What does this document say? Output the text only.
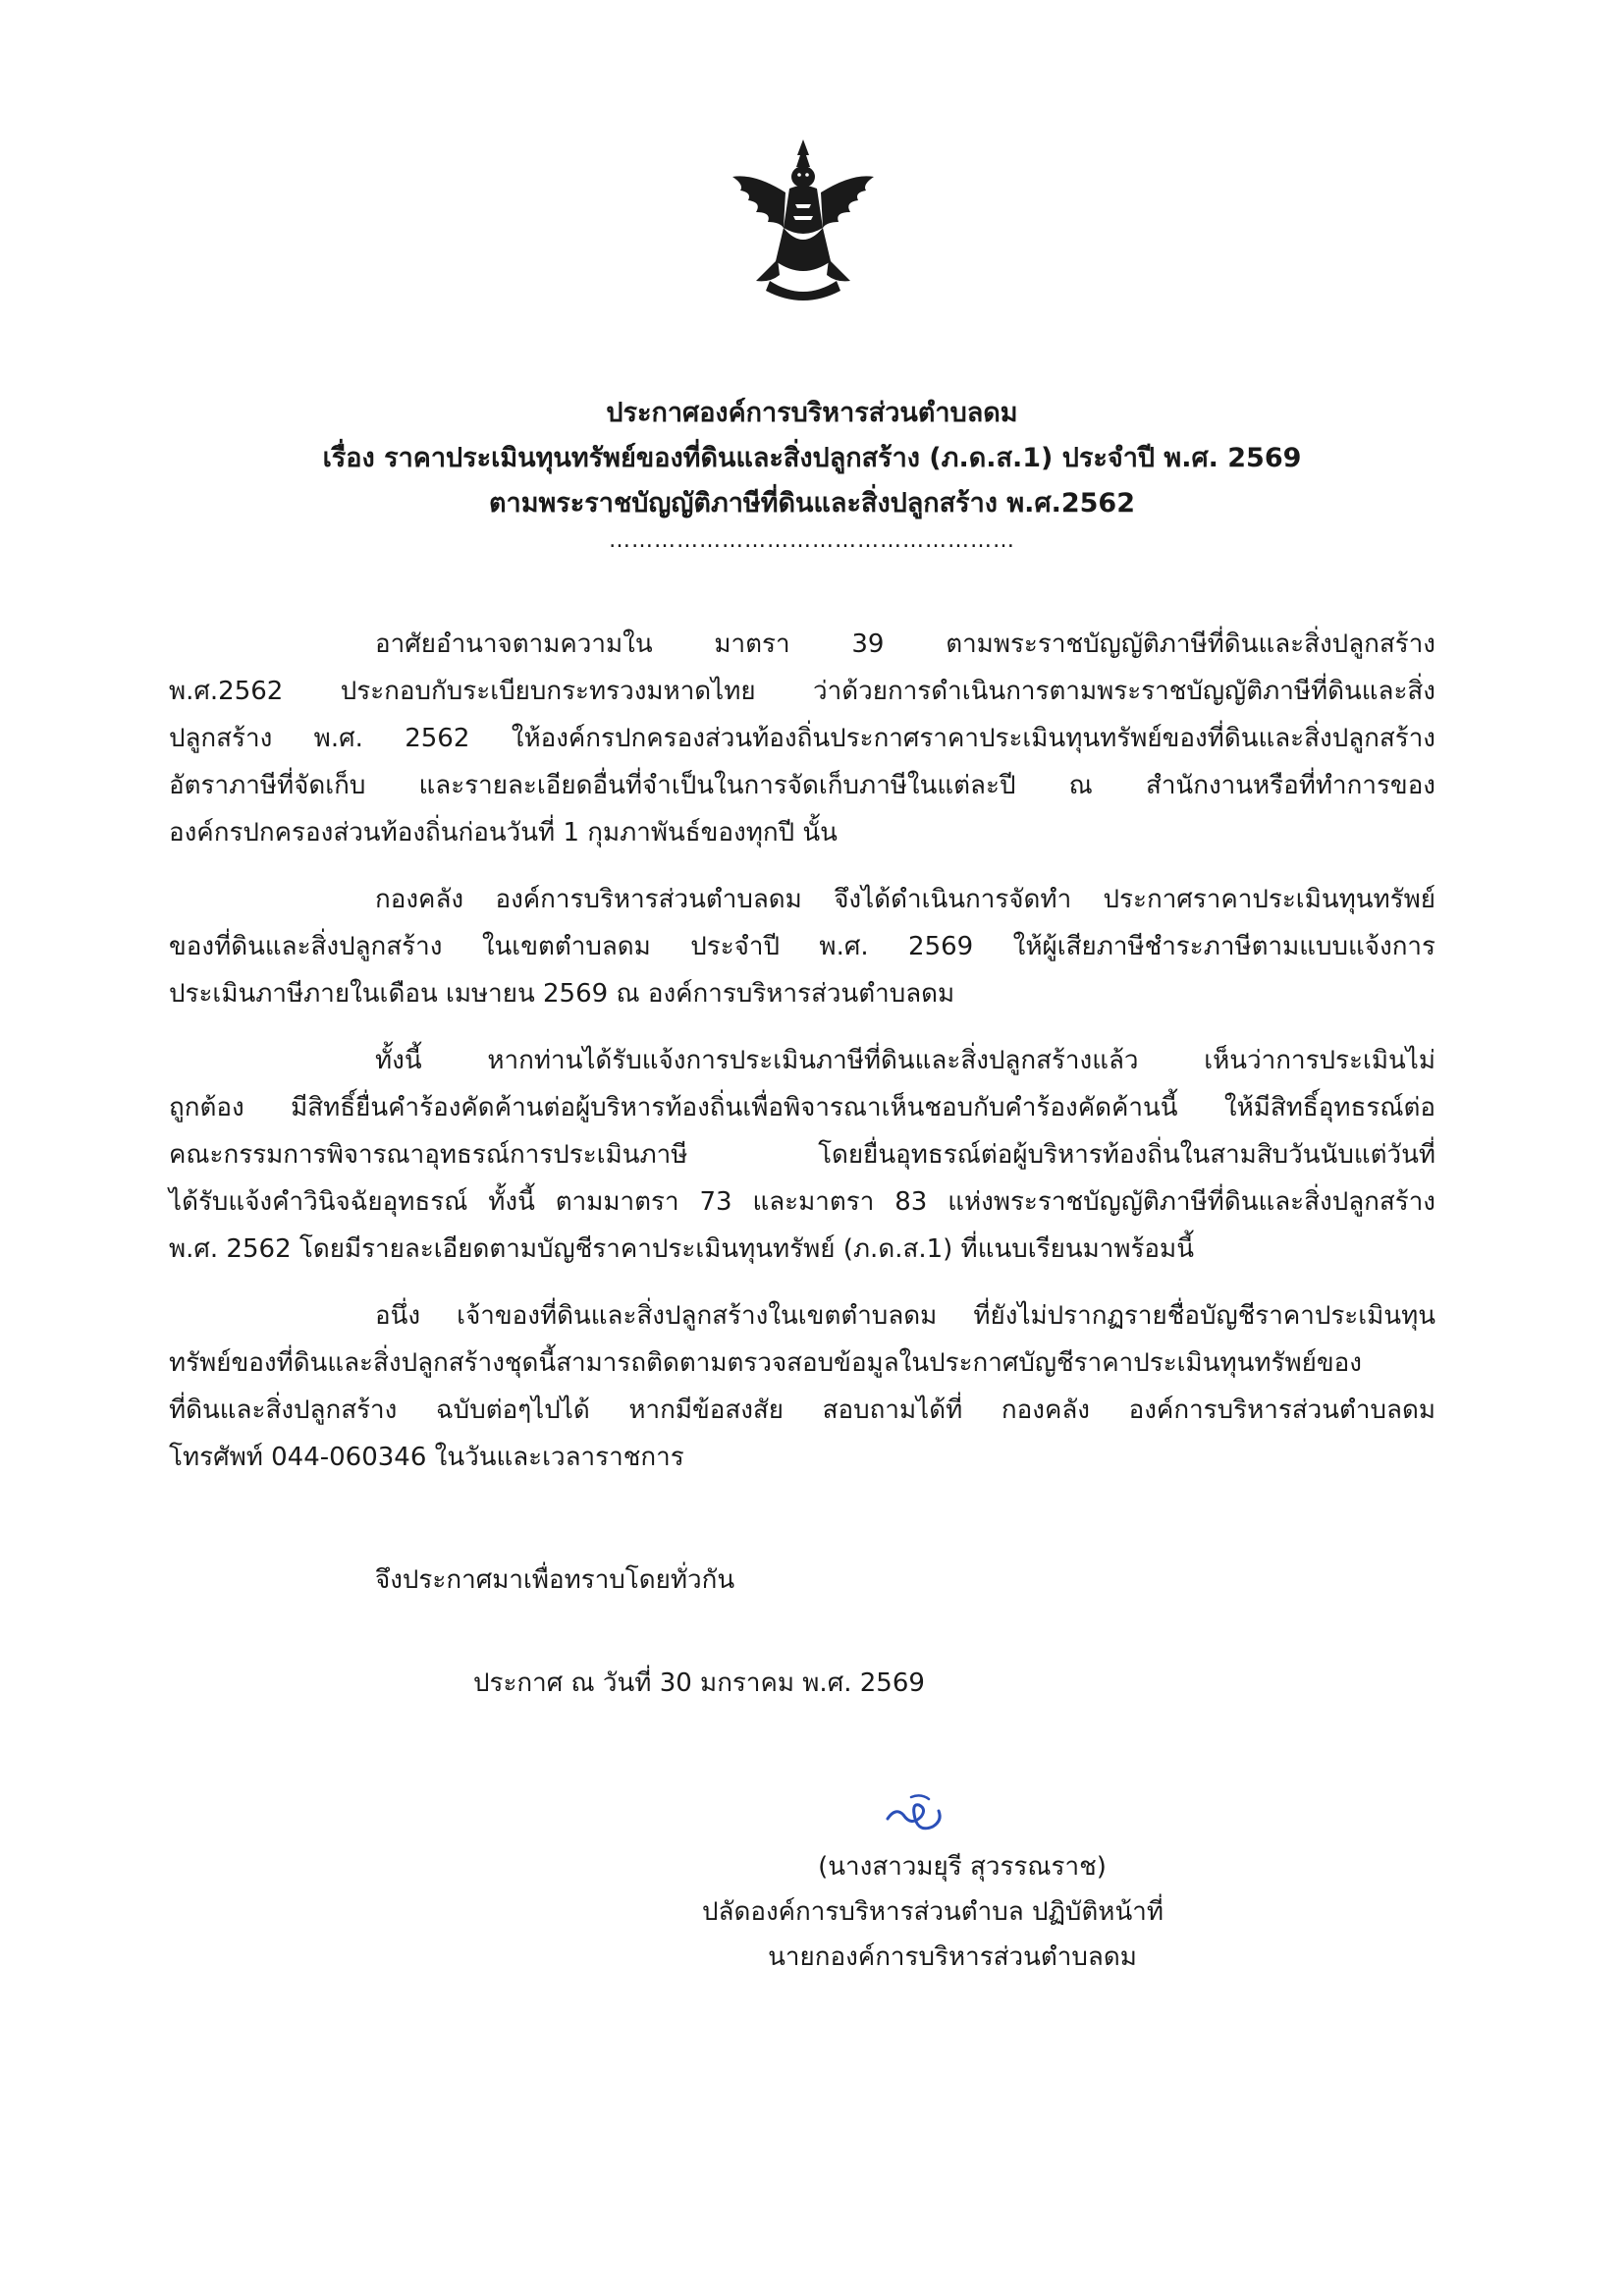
ประกาศองค์การบริหารส่วนตำบลดม
เรื่อง ราคาประเมินทุนทรัพย์ของที่ดินและสิ่งปลูกสร้าง (ภ.ด.ส.1) ประจำปี พ.ศ. 2569
ตามพระราชบัญญัติภาษีที่ดินและสิ่งปลูกสร้าง พ.ศ.2562
………………………………………………
อาศัยอำนาจตามความใน มาตรา 39 ตามพระราชบัญญัติภาษีที่ดินและสิ่งปลูกสร้าง
พ.ศ.2562 ประกอบกับระเบียบกระทรวงมหาดไทย ว่าด้วยการดำเนินการตามพระราชบัญญัติภาษีที่ดินและสิ่ง
ปลูกสร้าง พ.ศ. 2562 ให้องค์กรปกครองส่วนท้องถิ่นประกาศราคาประเมินทุนทรัพย์ของที่ดินและสิ่งปลูกสร้าง
อัตราภาษีที่จัดเก็บ และรายละเอียดอื่นที่จำเป็นในการจัดเก็บภาษีในแต่ละปี ณ สำนักงานหรือที่ทำการของ
องค์กรปกครองส่วนท้องถิ่นก่อนวันที่ 1 กุมภาพันธ์ของทุกปี นั้น
กองคลัง องค์การบริหารส่วนตำบลดม จึงได้ดำเนินการจัดทำ ประกาศราคาประเมินทุนทรัพย์
ของที่ดินและสิ่งปลูกสร้าง ในเขตตำบลดม ประจำปี พ.ศ. 2569 ให้ผู้เสียภาษีชำระภาษีตามแบบแจ้งการ
ประเมินภาษีภายในเดือน เมษายน 2569 ณ องค์การบริหารส่วนตำบลดม
ทั้งนี้ หากท่านได้รับแจ้งการประเมินภาษีที่ดินและสิ่งปลูกสร้างแล้ว เห็นว่าการประเมินไม่
ถูกต้อง มีสิทธิ์ยื่นคำร้องคัดค้านต่อผู้บริหารท้องถิ่นเพื่อพิจารณาเห็นชอบกับคำร้องคัดค้านนี้ ให้มีสิทธิ์อุทธรณ์ต่อ
คณะกรรมการพิจารณาอุทธรณ์การประเมินภาษี โดยยื่นอุทธรณ์ต่อผู้บริหารท้องถิ่นในสามสิบวันนับแต่วันที่
ได้รับแจ้งคำวินิจฉัยอุทธรณ์ ทั้งนี้ ตามมาตรา 73 และมาตรา 83 แห่งพระราชบัญญัติภาษีที่ดินและสิ่งปลูกสร้าง
พ.ศ. 2562 โดยมีรายละเอียดตามบัญชีราคาประเมินทุนทรัพย์ (ภ.ด.ส.1) ที่แนบเรียนมาพร้อมนี้
อนึ่ง เจ้าของที่ดินและสิ่งปลูกสร้างในเขตตำบลดม ที่ยังไม่ปรากฏรายชื่อบัญชีราคาประเมินทุน
ทรัพย์ของที่ดินและสิ่งปลูกสร้างชุดนี้สามารถติดตามตรวจสอบข้อมูลในประกาศบัญชีราคาประเมินทุนทรัพย์ของ
ที่ดินและสิ่งปลูกสร้าง ฉบับต่อๆไปได้ หากมีข้อสงสัย สอบถามได้ที่ กองคลัง องค์การบริหารส่วนตำบลดม
โทรศัพท์ 044-060346 ในวันและเวลาราชการ
จึงประกาศมาเพื่อทราบโดยทั่วกัน
ประกาศ ณ วันที่ 30 มกราคม พ.ศ. 2569
(นางสาวมยุรี สุวรรณราช)
ปลัดองค์การบริหารส่วนตำบล ปฏิบัติหน้าที่
นายกองค์การบริหารส่วนตำบลดม
